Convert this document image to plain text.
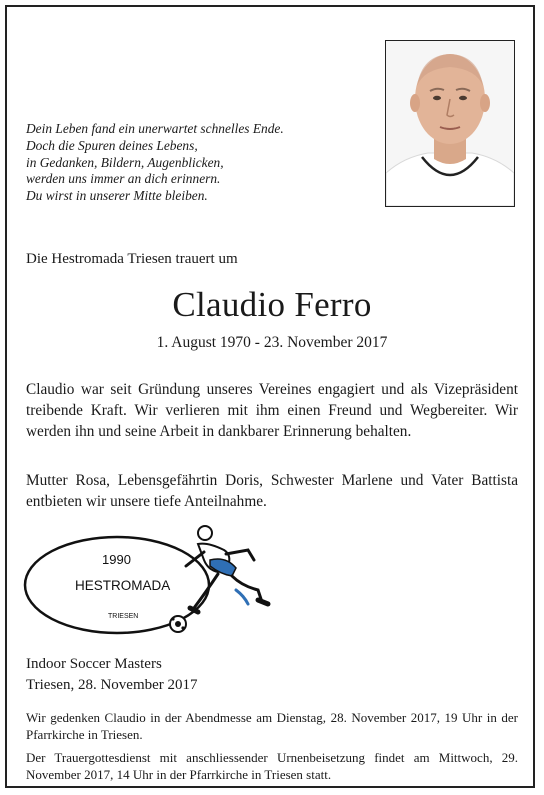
Dein Leben fand ein unerwartet schnelles Ende.
Doch die Spuren deines Lebens,
in Gedanken, Bildern, Augenblicken,
werden uns immer an dich erinnern.
Du wirst in unserer Mitte bleiben.
Die Hestromada Triesen trauert um
Claudio Ferro
1. August 1970 - 23. November 2017
Claudio war seit Gründung unseres Vereines engagiert und als Vizepräsident treibende Kraft. Wir verlieren mit ihm einen Freund und Wegbereiter. Wir werden ihn und seine Arbeit in dankbarer Erinnerung behalten.
Mutter Rosa, Lebensgefährtin Doris, Schwester Marlene und Vater Battista entbieten wir unsere tiefe Anteilnahme.
1990
HESTROMADA
TRIESEN
Indoor Soccer Masters
Triesen, 28. November 2017
Wir gedenken Claudio in der Abendmesse am Dienstag, 28. November 2017, 19 Uhr in der Pfarrkirche in Triesen.
Der Trauergottesdienst mit anschliessender Urnenbeisetzung findet am Mittwoch, 29. November 2017, 14 Uhr in der Pfarrkirche in Triesen statt.
